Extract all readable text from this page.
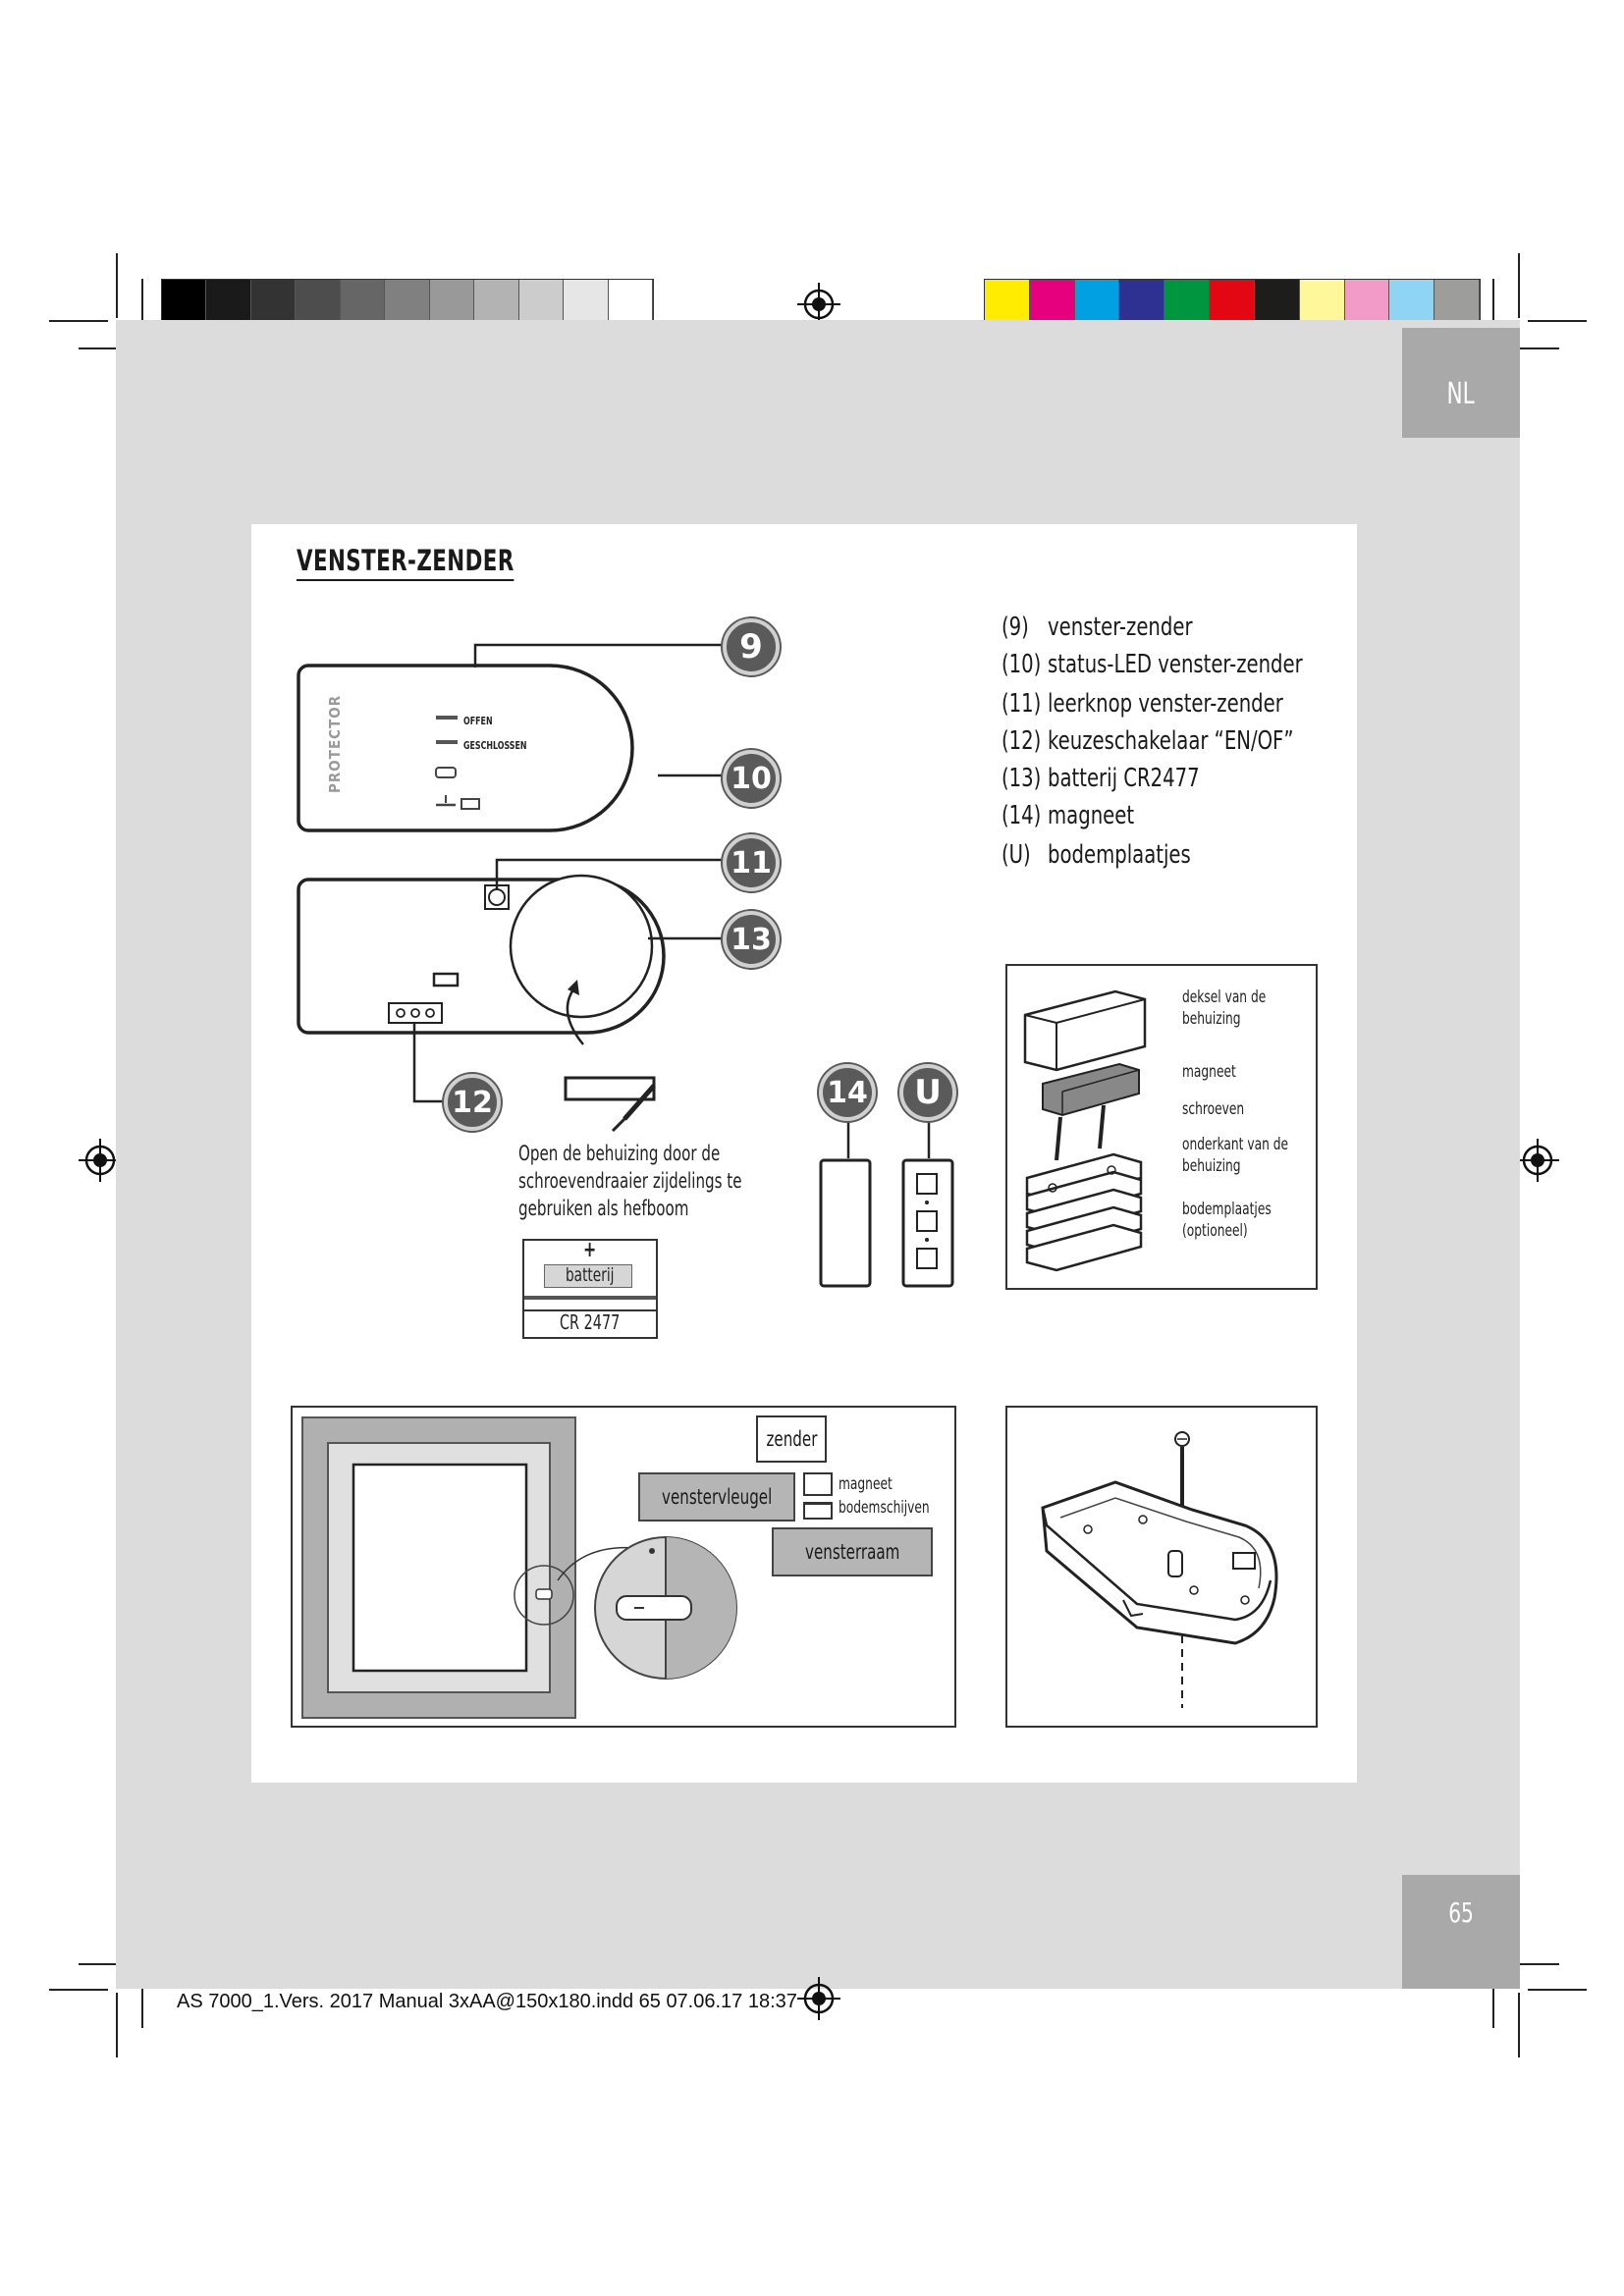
NL
65
VENSTER-ZENDER
(9) venster-zender
(10) status-LED venster-zender
(11) leerknop venster-zender
(12) keuzeschakelaar “EN/OF”
(13) batterij CR2477
(14) magneet
(U) bodemplaatjes
PROTECTOR	OFFEN
GESCHLOSSEN
9
10
11
13
12	14	U
Open de behuizing door de
schroevendraaier zijdelings te
gebruiken als hefboom
+
batterij
CR 2477
deksel van de
behuizing
magneet
schroeven
onderkant van de
behuizing
bodemplaatjes
(optioneel)
zender
venstervleugel
magneet
bodemschijven
vensterraam
AS 7000_1.Vers. 2017 Manual 3xAA@150x180.indd 65 07.06.17 18:37
